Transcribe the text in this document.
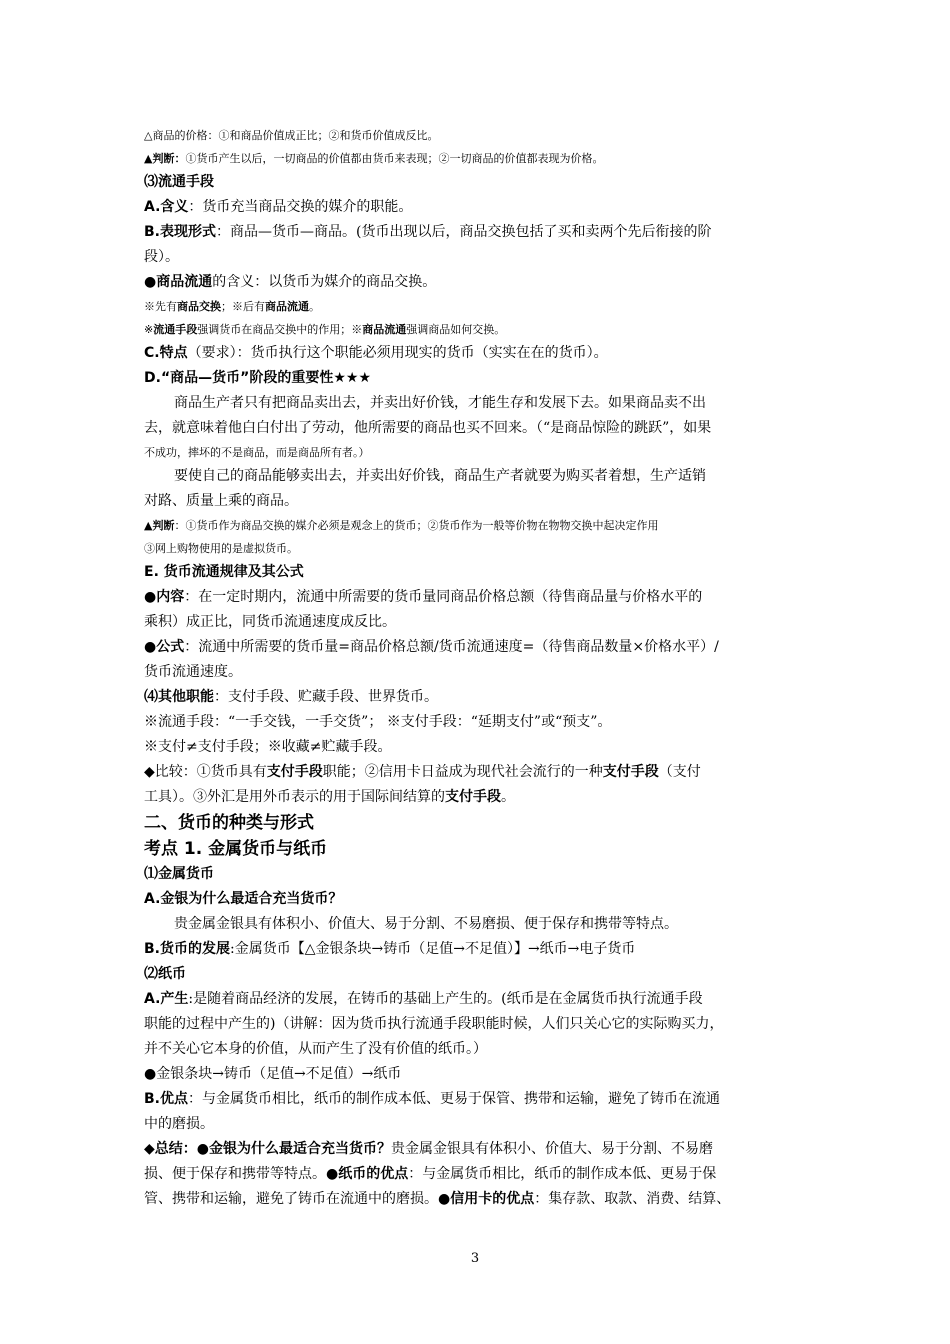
△商品的价格：①和商品价值成正比；②和货币价值成反比。
▲判断：①货币产生以后，一切商品的价值都由货币来表现；②一切商品的价值都表现为价格。
⑶流通手段
A.含义：货币充当商品交换的媒介的职能。
B.表现形式：商品—货币—商品。(货币出现以后，商品交换包括了买和卖两个先后衔接的阶
段）。
●商品流通的含义：以货币为媒介的商品交换。
※先有商品交换；※后有商品流通。
※流通手段强调货币在商品交换中的作用；※商品流通强调商品如何交换。
C.特点（要求）：货币执行这个职能必须用现实的货币（实实在在的货币）。
D.“商品—货币”阶段的重要性★★★
商品生产者只有把商品卖出去，并卖出好价钱，才能生存和发展下去。如果商品卖不出
去，就意味着他白白付出了劳动，他所需要的商品也买不回来。（“是商品惊险的跳跃”，如果
不成功，摔坏的不是商品，而是商品所有者。）
要使自己的商品能够卖出去，并卖出好价钱，商品生产者就要为购买者着想，生产适销
对路、质量上乘的商品。
▲判断：①货币作为商品交换的媒介必须是观念上的货币；②货币作为一般等价物在物物交换中起决定作用
③网上购物使用的是虚拟货币。
E. 货币流通规律及其公式
●内容：在一定时期内，流通中所需要的货币量同商品价格总额（待售商品量与价格水平的
乘积）成正比，同货币流通速度成反比。
●公式：流通中所需要的货币量=商品价格总额/货币流通速度=（待售商品数量×价格水平）/
货币流通速度。
⑷其他职能：支付手段、贮藏手段、世界货币。
※流通手段：“一手交钱，一手交货”； ※支付手段：“延期支付”或“预支”。
※支付≠支付手段；※收藏≠贮藏手段。
◆比较：①货币具有支付手段职能；②信用卡日益成为现代社会流行的一种支付手段（支付
工具）。③外汇是用外币表示的用于国际间结算的支付手段。
二、货币的种类与形式
考点 1. 金属货币与纸币
⑴金属货币
A.金银为什么最适合充当货币？
贵金属金银具有体积小、价值大、易于分割、不易磨损、便于保存和携带等特点。
B.货币的发展:金属货币【△金银条块→铸币（足值→不足值）】→纸币→电子货币
⑵纸币
A.产生:是随着商品经济的发展，在铸币的基础上产生的。(纸币是在金属货币执行流通手段
职能的过程中产生的)（讲解：因为货币执行流通手段职能时候，人们只关心它的实际购买力，
并不关心它本身的价值，从而产生了没有价值的纸币。）
●金银条块→铸币（足值→不足值）→纸币
B.优点：与金属货币相比，纸币的制作成本低、更易于保管、携带和运输，避免了铸币在流通
中的磨损。
◆总结：●金银为什么最适合充当货币？贵金属金银具有体积小、价值大、易于分割、不易磨
损、便于保存和携带等特点。●纸币的优点：与金属货币相比，纸币的制作成本低、更易于保
管、携带和运输，避免了铸币在流通中的磨损。●信用卡的优点：集存款、取款、消费、结算、
3
